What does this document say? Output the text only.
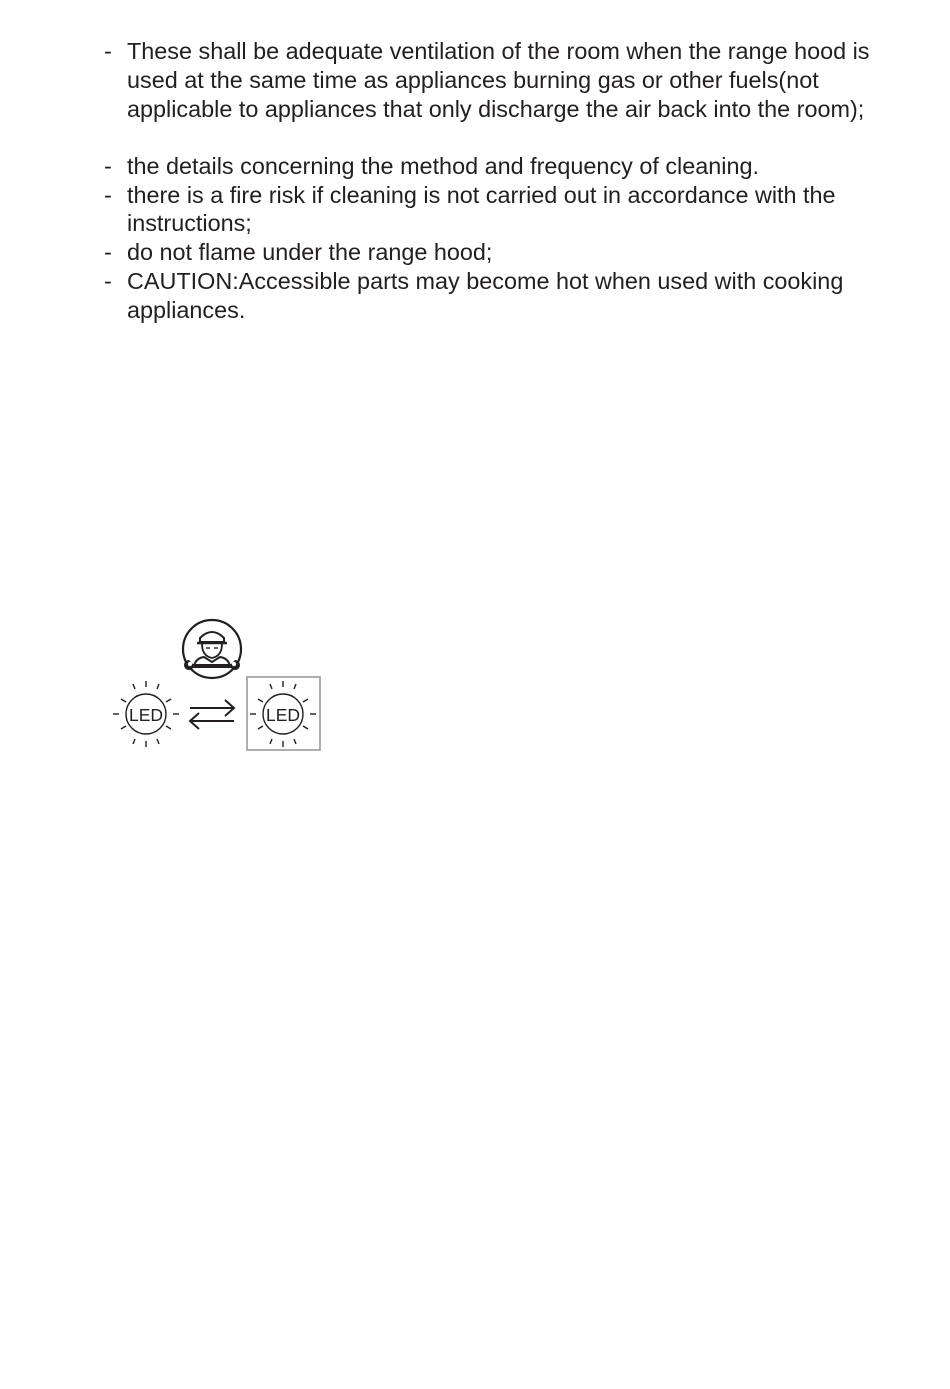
- These shall be adequate ventilation of the room when the range hood is used at the same time as appliances burning gas or other fuels(not applicable to appliances that only discharge the air back into the room);
- the details concerning the method and frequency of cleaning.
- there is a fire risk if cleaning is not carried out in accordance with the instructions;
- do not flame under the range hood;
- CAUTION:Accessible parts may become hot when used with cooking appliances.
LED	LED
